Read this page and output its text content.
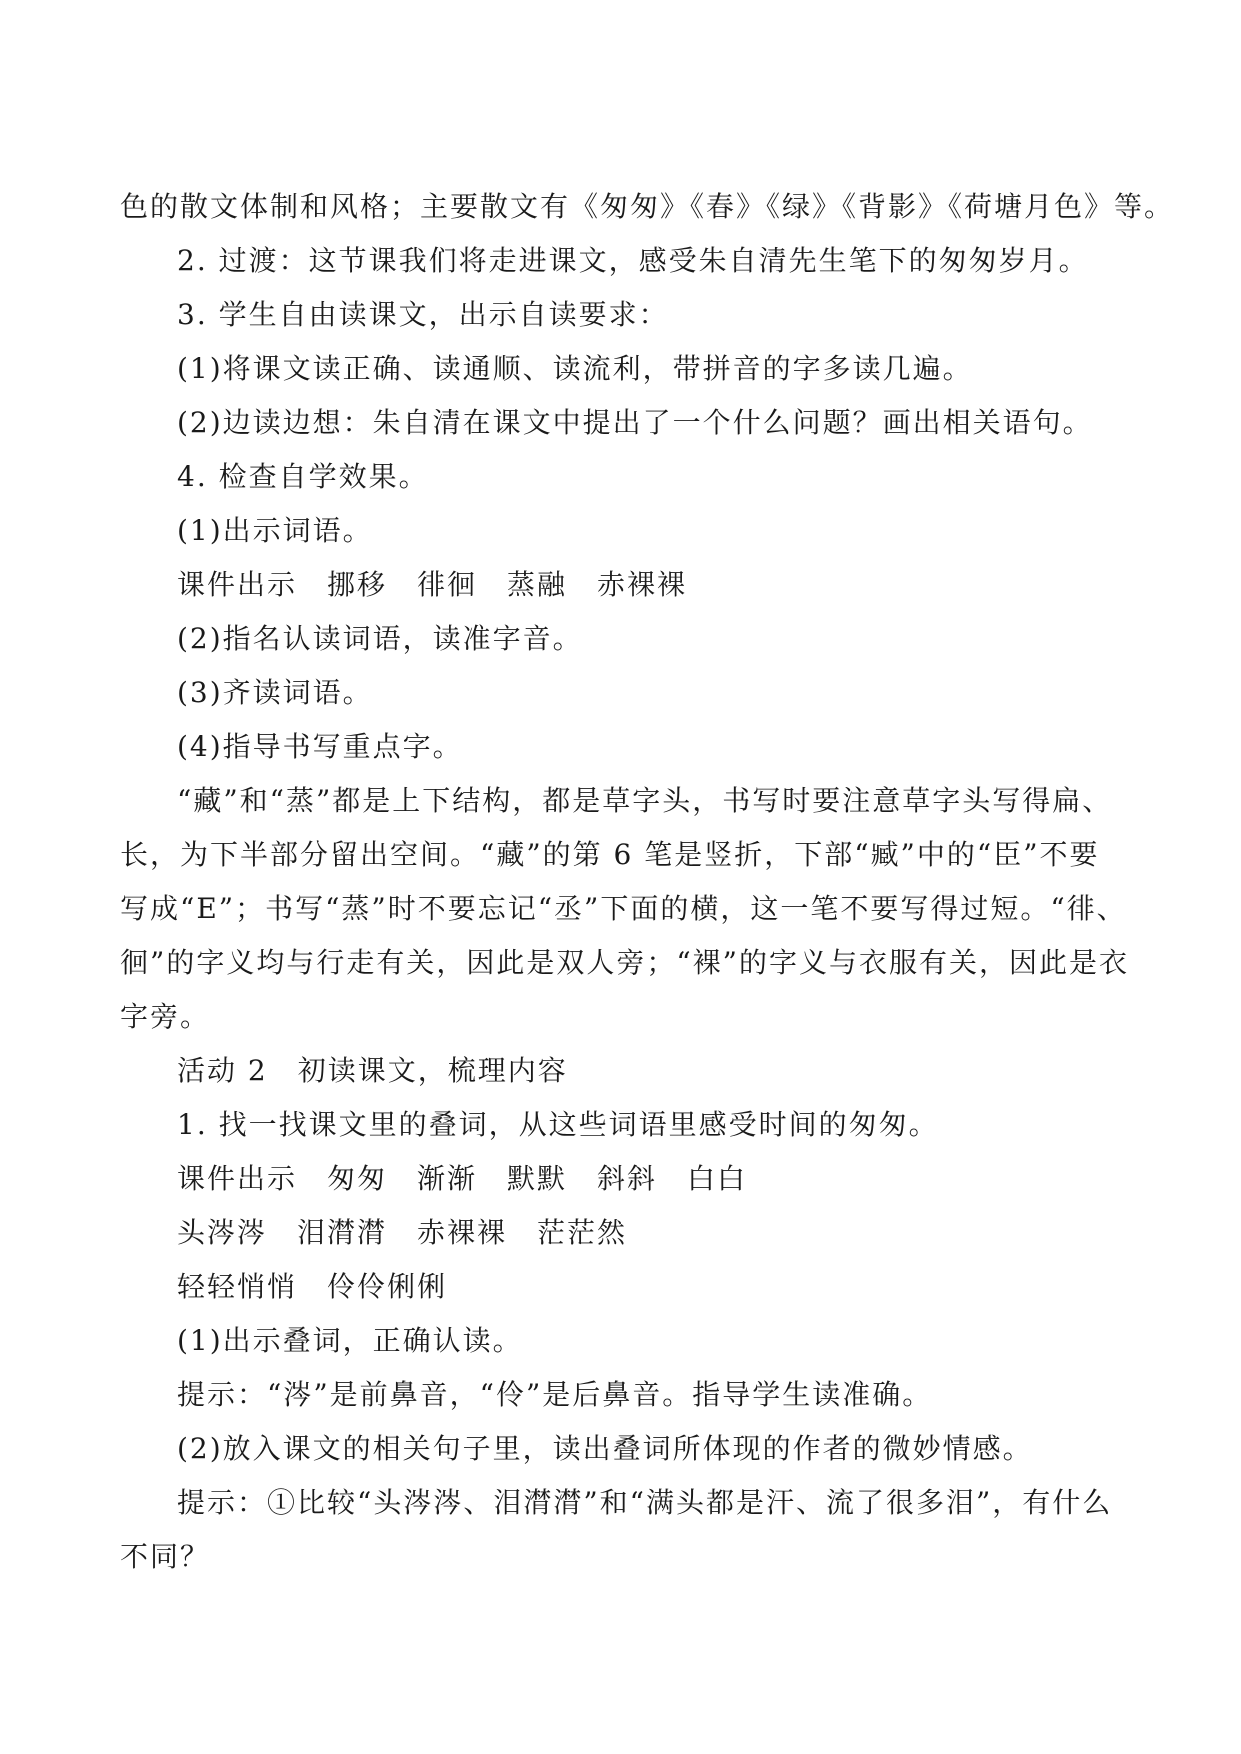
色的散文体制和风格；主要散文有《匆匆》《春》《绿》《背影》《荷塘月色》等。
2. 过渡：这节课我们将走进课文，感受朱自清先生笔下的匆匆岁月。
3. 学生自由读课文，出示自读要求：
(1)将课文读正确、读通顺、读流利，带拼音的字多读几遍。
(2)边读边想：朱自清在课文中提出了一个什么问题？画出相关语句。
4. 检查自学效果。
(1)出示词语。
课件出示　挪移　徘徊　蒸融　赤裸裸
(2)指名认读词语，读准字音。
(3)齐读词语。
(4)指导书写重点字。
“藏”和“蒸”都是上下结构，都是草字头，书写时要注意草字头写得扁、
长，为下半部分留出空间。“藏”的第 6 笔是竖折，下部“臧”中的“臣”不要
写成“E”；书写“蒸”时不要忘记“丞”下面的横，这一笔不要写得过短。“徘、
徊”的字义均与行走有关，因此是双人旁；“裸”的字义与衣服有关，因此是衣
字旁。
活动 2　初读课文，梳理内容
1. 找一找课文里的叠词，从这些词语里感受时间的匆匆。
课件出示　匆匆　渐渐　默默　斜斜　白白
头涔涔　泪潸潸　赤裸裸　茫茫然
轻轻悄悄　伶伶俐俐
(1)出示叠词，正确认读。
提示：“涔”是前鼻音，“伶”是后鼻音。指导学生读准确。
(2)放入课文的相关句子里，读出叠词所体现的作者的微妙情感。
提示：①比较“头涔涔、泪潸潸”和“满头都是汗、流了很多泪”，有什么
不同？
